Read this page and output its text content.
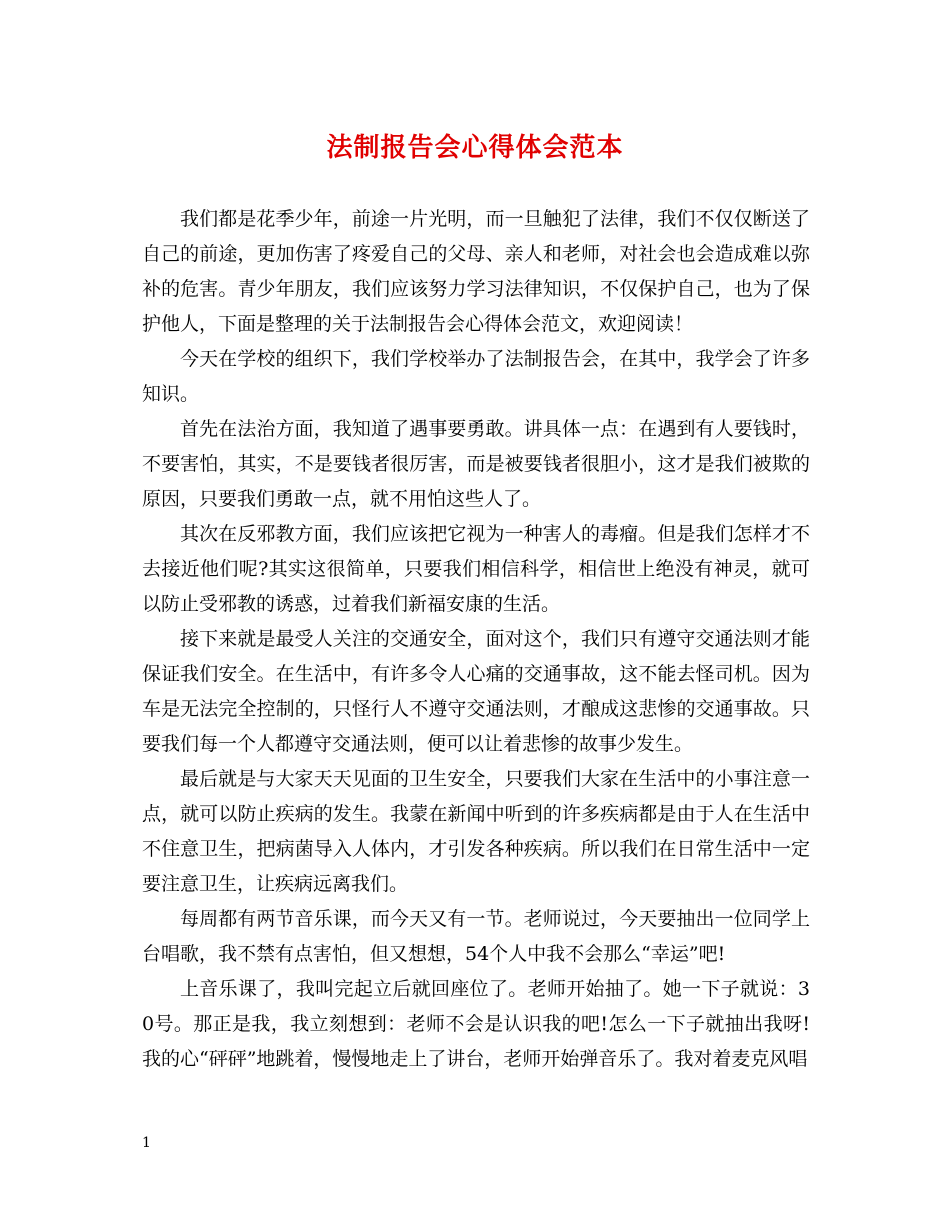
法制报告会心得体会范本

我们都是花季少年，前途一片光明，而一旦触犯了法律，我们不仅仅断送了自己的前途，更加伤害了疼爱自己的父母、亲人和老师，对社会也会造成难以弥补的危害。青少年朋友，我们应该努力学习法律知识，不仅保护自己，也为了保护他人，下面是整理的关于法制报告会心得体会范文，欢迎阅读！

今天在学校的组织下，我们学校举办了法制报告会，在其中，我学会了许多知识。

首先在法治方面，我知道了遇事要勇敢。讲具体一点：在遇到有人要钱时，不要害怕，其实，不是要钱者很厉害，而是被要钱者很胆小，这才是我们被欺的原因，只要我们勇敢一点，就不用怕这些人了。

其次在反邪教方面，我们应该把它视为一种害人的毒瘤。但是我们怎样才不去接近他们呢?其实这很简单，只要我们相信科学，相信世上绝没有神灵，就可以防止受邪教的诱惑，过着我们新福安康的生活。

接下来就是最受人关注的交通安全，面对这个，我们只有遵守交通法则才能保证我们安全。在生活中，有许多令人心痛的交通事故，这不能去怪司机。因为车是无法完全控制的，只怪行人不遵守交通法则，才酿成这悲惨的交通事故。只要我们每一个人都遵守交通法则，便可以让着悲惨的故事少发生。

最后就是与大家天天见面的卫生安全，只要我们大家在生活中的小事注意一点，就可以防止疾病的发生。我蒙在新闻中听到的许多疾病都是由于人在生活中不住意卫生，把病菌导入人体内，才引发各种疾病。所以我们在日常生活中一定要注意卫生，让疾病远离我们。

每周都有两节音乐课，而今天又有一节。老师说过，今天要抽出一位同学上台唱歌，我不禁有点害怕，但又想想，54个人中我不会那么“幸运”吧!

上音乐课了，我叫完起立后就回座位了。老师开始抽了。她一下子就说：30号。那正是我，我立刻想到：老师不会是认识我的吧!怎么一下子就抽出我呀!我的心“砰砰”地跳着，慢慢地走上了讲台，老师开始弹音乐了。我对着麦克风唱

1
